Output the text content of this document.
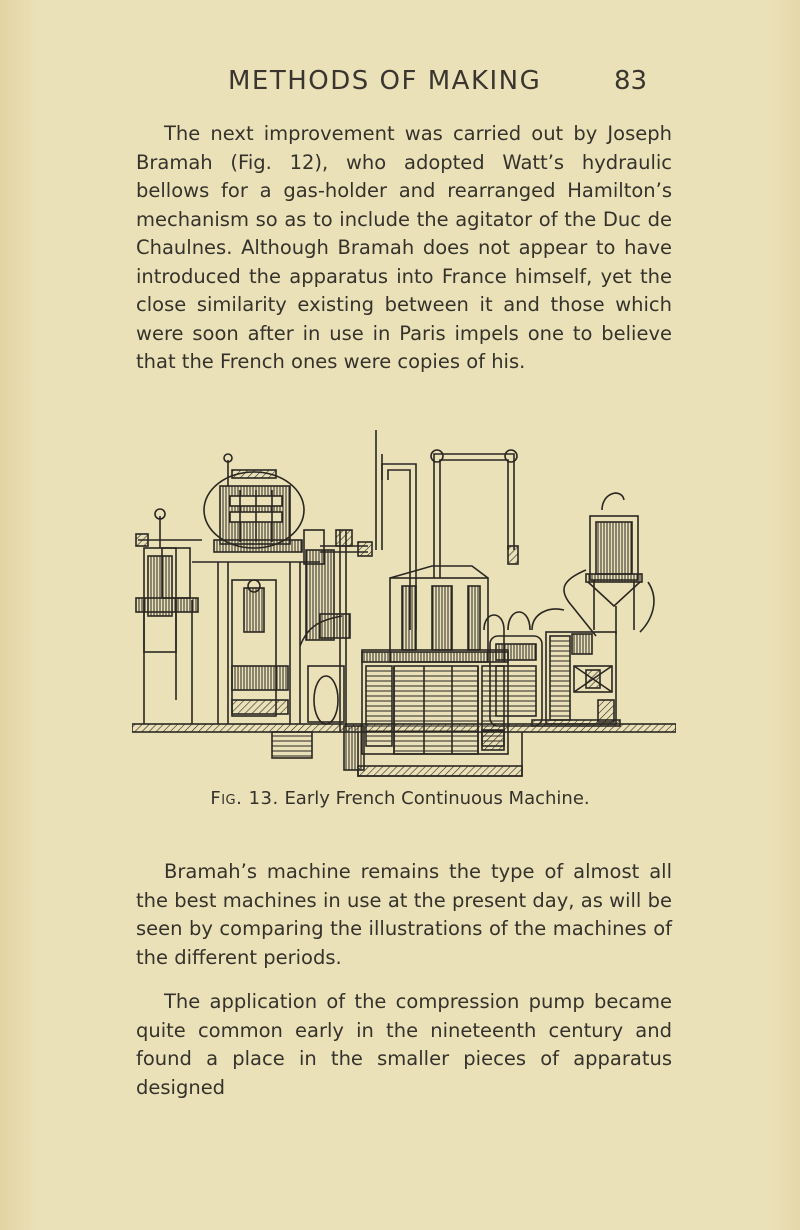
METHODS OF MAKING	83

The next improvement was carried out by Joseph Bramah (Fig. 12), who adopted Watt’s hydraulic bellows for a gas-holder and rearranged Hamilton’s mechanism so as to include the agitator of the Duc de Chaulnes. Although Bramah does not appear to have introduced the apparatus into France himself, yet the close similarity existing between it and those which were soon after in use in Paris impels one to believe that the French ones were copies of his.

Fig. 13. Early French Continuous Machine.

Bramah’s machine remains the type of almost all the best machines in use at the present day, as will be seen by comparing the illustrations of the machines of the different periods.

The application of the compression pump became quite common early in the nineteenth century and found a place in the smaller pieces of apparatus designed
